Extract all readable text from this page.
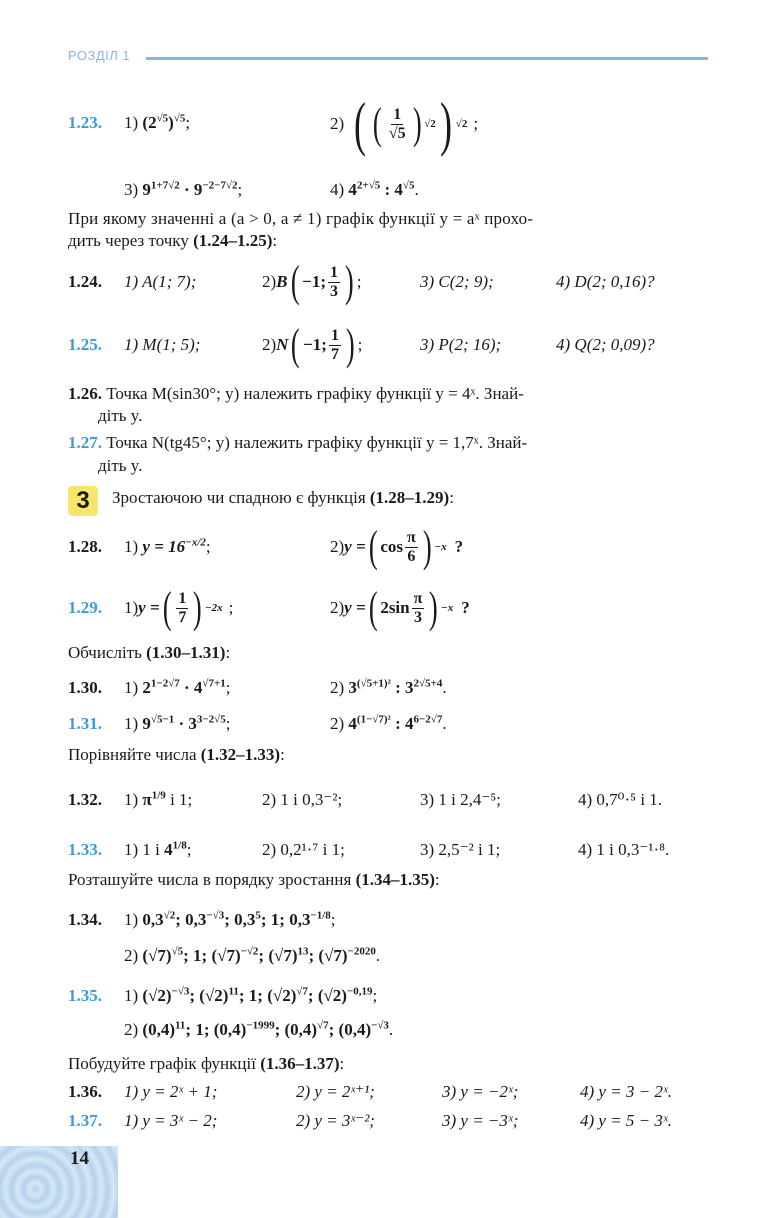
РОЗДІЛ 1
1.23. 1) $(2^{√5})^{√5}$;	2) ( ( $\frac{1}{√5}$ ) √2 ) √2 ;
3) $9^{1+7√2} \cdot 9^{-2-7√2}$;	4) $4^{2+√5}$ : $4^{√5}$.
При якому значенні a (a > 0, a ≠ 1) графік функції y = aˣ прохо-
дить через точку (1.24–1.25):
1.24. 1) A(1; 7);	2) B ( −1; $\frac{1}{3}$ ) ;	3) C(2; 9);	4) D(2; 0,16)?
1.25. 1) M(1; 5);	2) N ( −1; $\frac{1}{7}$ ) ;	3) P(2; 16);	4) Q(2; 0,09)?
1.26. Точка M(sin30°; y) належить графіку функції y = 4ˣ. Знай-
діть y.
1.27. Точка N(tg45°; y) належить графіку функції y = 1,7ˣ. Знай-
діть y.
3	Зростаючою чи спадною є функція (1.28–1.29):
1.28. 1) $y = 16^{-x/2}$;	2) y = ( $\cos \frac{\pi}{6}$ ) −x ?
1.29. 1) y = ( $\frac{1}{7}$ ) −2x ;	2) y = ( $2\sin \frac{\pi}{3}$ ) −x ?
Обчисліть (1.30–1.31):
1.30. 1) $2^{1-2√7} \cdot 4^{√7+1}$;	2) $3^{(√5+1)^2}$ : $3^{2√5+4}$.
1.31. 1) $9^{√5-1} \cdot 3^{3-2√5}$;	2) $4^{(1-√7)^2}$ : $4^{6-2√7}$.
Порівняйте числа (1.32–1.33):
1.32. 1) $\pi^{1/9}$ і 1;	2) 1 і 0,3⁻²;	3) 1 і 2,4⁻⁵;	4) 0,7⁰·⁵ і 1.
1.33. 1) 1 і $4^{1/8}$;	2) 0,2¹·⁷ і 1;	3) 2,5⁻² і 1;	4) 1 і 0,3⁻¹·⁸.
Розташуйте числа в порядку зростання (1.34–1.35):
1.34. 1) $0,3^{√2}$; $0,3^{-√3}$; $0,3^5$; 1; $0,3^{-1/8}$;
2) $(√7)^{√5}$; 1; $(√7)^{-√2}$; $(√7)^{13}$; $(√7)^{-2020}$.
1.35. 1) $(√2)^{-√3}$; $(√2)^{11}$; 1; $(√2)^{√7}$; $(√2)^{-0,19}$;
2) $(0,4)^{11}$; 1; $(0,4)^{-1999}$; $(0,4)^{√7}$; $(0,4)^{-√3}$.
Побудуйте графік функції (1.36–1.37):
1.36. 1) y = 2ˣ + 1;	2) y = 2ˣ⁺¹;	3) y = −2ˣ;	4) y = 3 − 2ˣ.
1.37. 1) y = 3ˣ − 2;	2) y = 3ˣ⁻²;	3) y = −3ˣ;	4) y = 5 − 3ˣ.
14
